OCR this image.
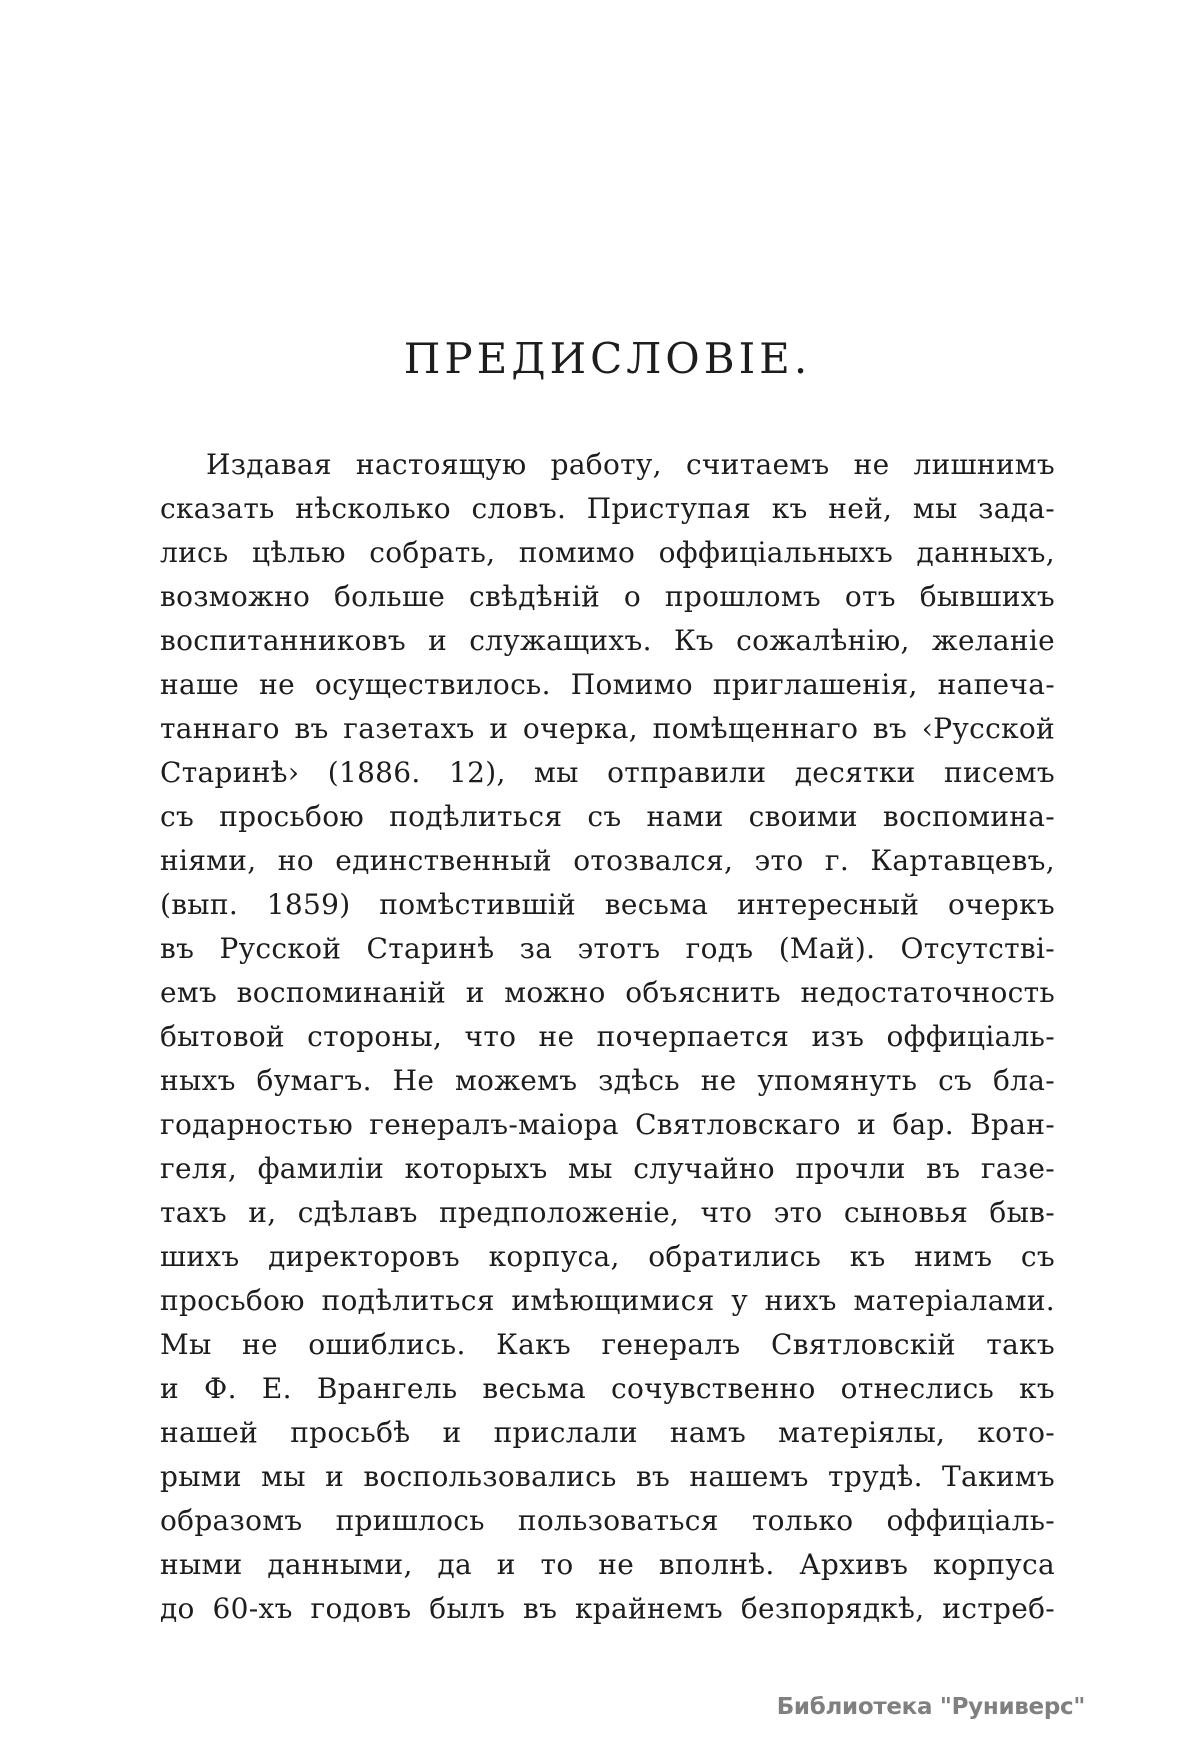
ПРЕДИСЛОВІЕ.
Издавая настоящую работу, считаемъ не лишнимъ
сказать нѣсколько словъ. Приступая къ ней, мы зада-
лись цѣлью собрать, помимо оффиціальныхъ данныхъ,
возможно больше свѣдѣній о прошломъ отъ бывшихъ
воспитанниковъ и служащихъ. Къ сожалѣнію, желаніе
наше не осуществилось. Помимо приглашенія, напеча-
таннаго въ газетахъ и очерка, помѣщеннаго въ ‹Русской
Старинѣ› (1886. 12), мы отправили десятки писемъ
съ просьбою подѣлиться съ нами своими воспомина-
ніями, но единственный отозвался, это г. Картавцевъ,
(вып. 1859) помѣстившій весьма интересный очеркъ
въ Русской Старинѣ за этотъ годъ (Май). Отсутстві-
емъ воспоминаній и можно объяснить недостаточность
бытовой стороны, что не почерпается изъ оффиціаль-
ныхъ бумагъ. Не можемъ здѣсь не упомянуть съ бла-
годарностью генералъ-маіора Святловскаго и бар. Вран-
геля, фамиліи которыхъ мы случайно прочли въ газе-
тахъ и, сдѣлавъ предположеніе, что это сыновья быв-
шихъ директоровъ корпуса, обратились къ нимъ съ
просьбою подѣлиться имѣющимися у нихъ матеріалами.
Мы не ошиблись. Какъ генералъ Святловскій такъ
и Ф. Е. Врангель весьма сочувственно отнеслись къ
нашей просьбѣ и прислали намъ матеріялы, кото-
рыми мы и воспользовались въ нашемъ трудѣ. Такимъ
образомъ пришлось пользоваться только оффиціаль-
ными данными, да и то не вполнѣ. Архивъ корпуса
до 60-хъ годовъ былъ въ крайнемъ безпорядкѣ, истреб-
Библиотека "Руниверс"
